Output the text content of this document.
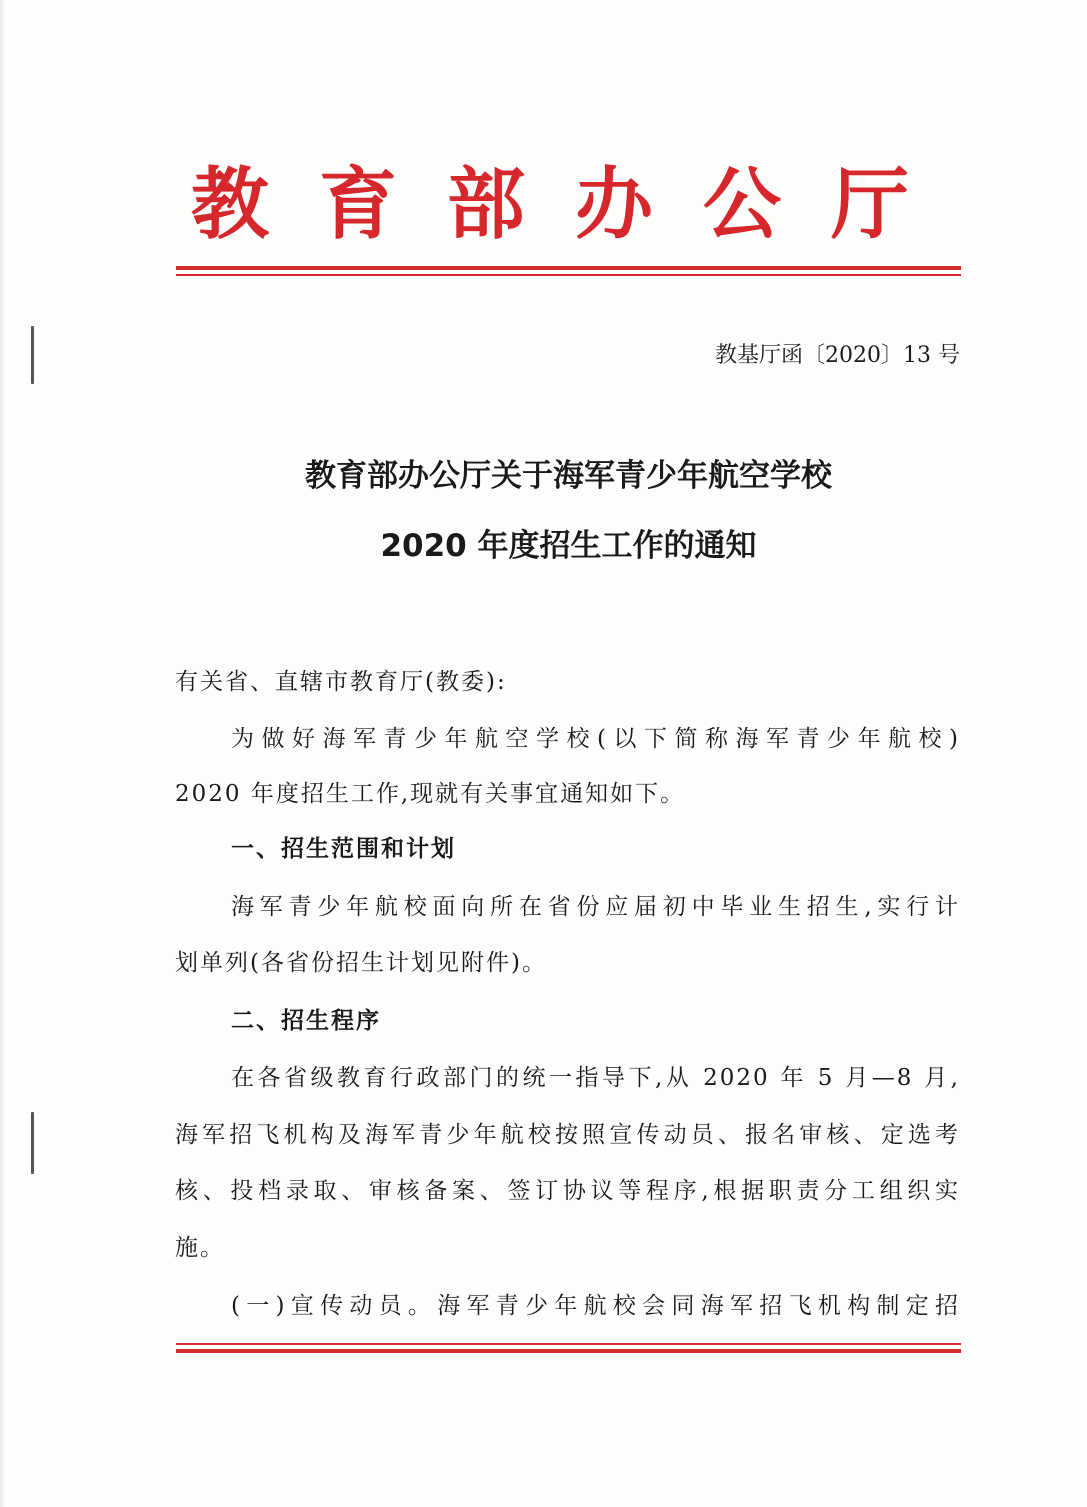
教 育 部 办 公 厅
教基厅函〔2020〕13 号
教育部办公厅关于海军青少年航空学校
2020 年度招生工作的通知
有关省、直辖市教育厅(教委):
为做好海军青少年航空学校(以下简称海军青少年航校)
2020 年度招生工作,现就有关事宜通知如下。
一、招生范围和计划
海军青少年航校面向所在省份应届初中毕业生招生,实行计
划单列(各省份招生计划见附件)。
二、招生程序
在各省级教育行政部门的统一指导下,从 2020 年 5 月—8 月,
海军招飞机构及海军青少年航校按照宣传动员、报名审核、定选考
核、投档录取、审核备案、签订协议等程序,根据职责分工组织实
施。
(一)宣传动员。海军青少年航校会同海军招飞机构制定招
